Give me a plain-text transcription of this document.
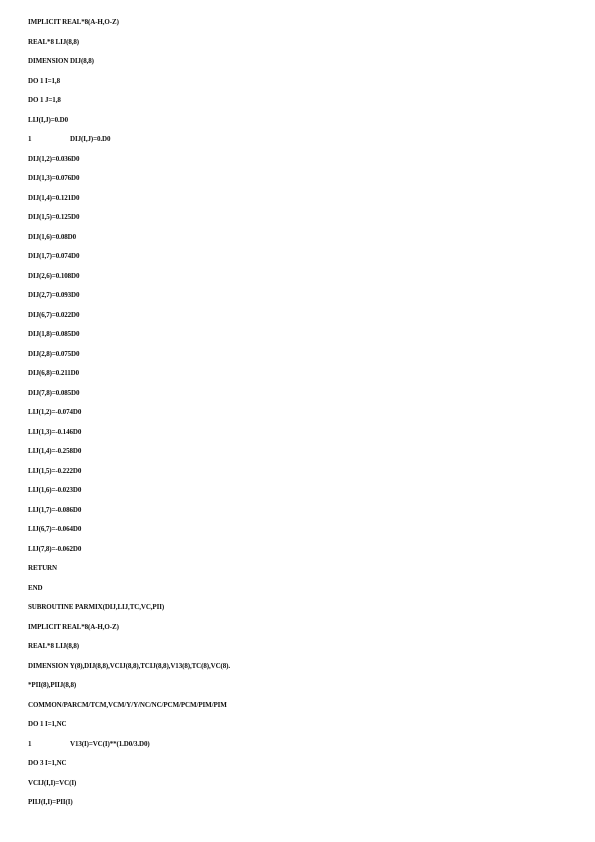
IMPLICIT REAL*8(A-H,O-Z)
REAL*8 LIJ(8,8)
DIMENSION DIJ(8,8)
DO 1 I=1,8
DO 1 J=1,8
LIJ(I,J)=0.D0
1	DIJ(I,J)=0.D0
DIJ(1,2)=0.036D0
DIJ(1,3)=0.076D0
DIJ(1,4)=0.121D0
DIJ(1,5)=0.125D0
DIJ(1,6)=0.08D0
DIJ(1,7)=0.074D0
DIJ(2,6)=0.108D0
DIJ(2,7)=0.093D0
DIJ(6,7)=0.022D0
DIJ(1,8)=0.085D0
DIJ(2,8)=0.075D0
DIJ(6,8)=0.211D0
DIJ(7,8)=0.085D0
LIJ(1,2)=-0.074D0
LIJ(1,3)=-0.146D0
LIJ(1,4)=-0.258D0
LIJ(1,5)=-0.222D0
LIJ(1,6)=-0.023D0
LIJ(1,7)=-0.086D0
LIJ(6,7)=-0.064D0
LIJ(7,8)=-0.062D0
RETURN
END
SUBROUTINE PARMIX(DIJ,LIJ,TC,VC,PII)
IMPLICIT REAL*8(A-H,O-Z)
REAL*8 LIJ(8,8)
DIMENSION Y(8),DIJ(8,8),VCIJ(8,8),TCIJ(8,8),V13(8),TC(8),VC(8).
*PII(8),PIIJ(8,8)
COMMON/PARCM/TCM,VCM/Y/Y/NC/NC/PCM/PCM/PIM/PIM
DO 1 I=1,NC
1	V13(I)=VC(I)**(1.D0/3.D0)
DO 3 I=1,NC
VCIJ(I,I)=VC(I)
PIIJ(I,I)=PII(I)
